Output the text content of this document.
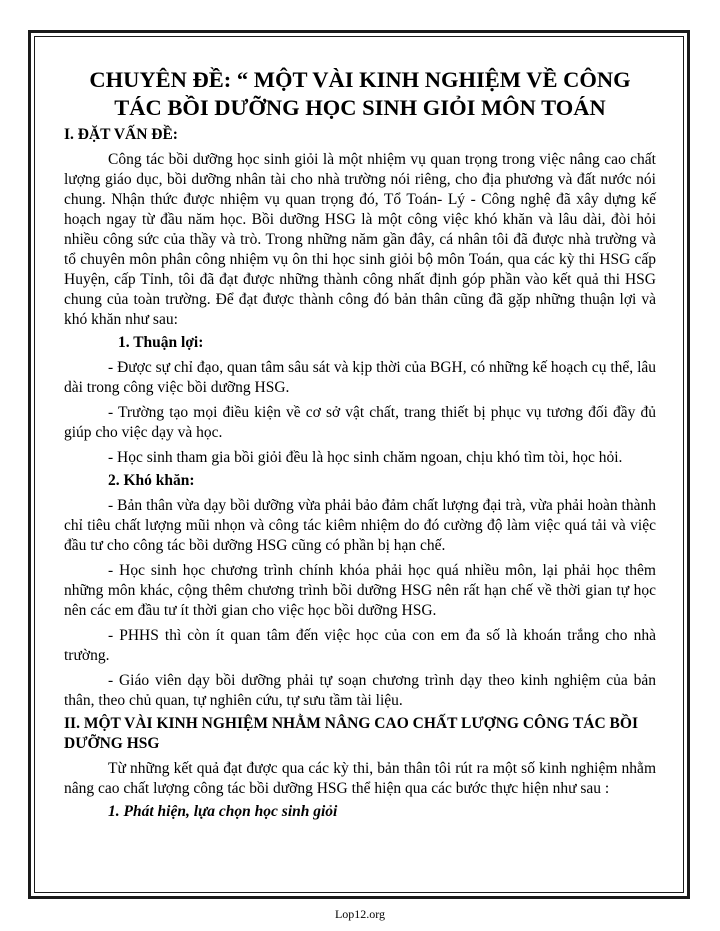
CHUYÊN ĐỀ: “ MỘT VÀI KINH NGHIỆM VỀ CÔNG
TÁC BỒI DƯỠNG HỌC SINH GIỎI MÔN TOÁN
I. ĐẶT VẤN ĐỀ:

Công tác bồi dưỡng học sinh giỏi là một nhiệm vụ quan trọng trong việc nâng cao chất lượng giáo dục, bồi dưỡng nhân tài cho nhà trường nói riêng, cho địa phương và đất nước nói chung. Nhận thức được nhiệm vụ quan trọng đó, Tổ Toán- Lý - Công nghệ đã xây dựng kế hoạch ngay từ đầu năm học. Bồi dưỡng HSG là một công việc khó khăn và lâu dài, đòi hỏi nhiều công sức của thầy và trò. Trong những năm gần đây, cá nhân tôi đã được nhà trường và tổ chuyên môn phân công nhiệm vụ ôn thi học sinh giỏi bộ môn Toán, qua các kỳ thi HSG cấp Huyện, cấp Tỉnh, tôi đã đạt được những thành công nhất định góp phần vào kết quả thi HSG chung của toàn trường. Để đạt được thành công đó bản thân cũng đã gặp những thuận lợi và khó khăn như sau:

1. Thuận lợi:

- Được sự chỉ đạo, quan tâm sâu sát và kịp thời của BGH, có những kế hoạch cụ thể, lâu dài trong công việc bồi dưỡng HSG.

- Trường tạo mọi điều kiện về cơ sở vật chất, trang thiết bị phục vụ tương đối đầy đủ giúp cho việc dạy và học.

- Học sinh tham gia bồi giỏi đều là học sinh chăm ngoan, chịu khó tìm tòi, học hỏi.

2. Khó khăn:

- Bản thân vừa dạy bồi dưỡng vừa phải bảo đảm chất lượng đại trà, vừa phải hoàn thành chỉ tiêu chất lượng mũi nhọn và công tác kiêm nhiệm do đó cường độ làm việc quá tải và việc đầu tư cho công tác bồi dưỡng HSG cũng có phần bị hạn chế.

- Học sinh học chương trình chính khóa phải học quá nhiều môn, lại phải học thêm những môn khác, cộng thêm chương trình bồi dưỡng HSG nên rất hạn chế về thời gian tự học nên các em đầu tư ít thời gian cho việc học bồi dưỡng HSG.

- PHHS thì còn ít quan tâm đến việc học của con em đa số là khoán trắng cho nhà trường.

- Giáo viên dạy bồi dưỡng phải tự soạn chương trình dạy theo kinh nghiệm của bản thân, theo chủ quan, tự nghiên cứu, tự sưu tầm tài liệu.

II. MỘT VÀI KINH NGHIỆM NHẰM NÂNG CAO CHẤT LƯỢNG CÔNG TÁC BỒI DƯỠNG HSG

Từ những kết quả đạt được qua các kỳ thi, bản thân tôi rút ra một số kinh nghiệm nhằm nâng cao chất lượng công tác bồi dưỡng HSG thể hiện qua các bước thực hiện như sau :

1. Phát hiện, lựa chọn học sinh giỏi
Lop12.org
